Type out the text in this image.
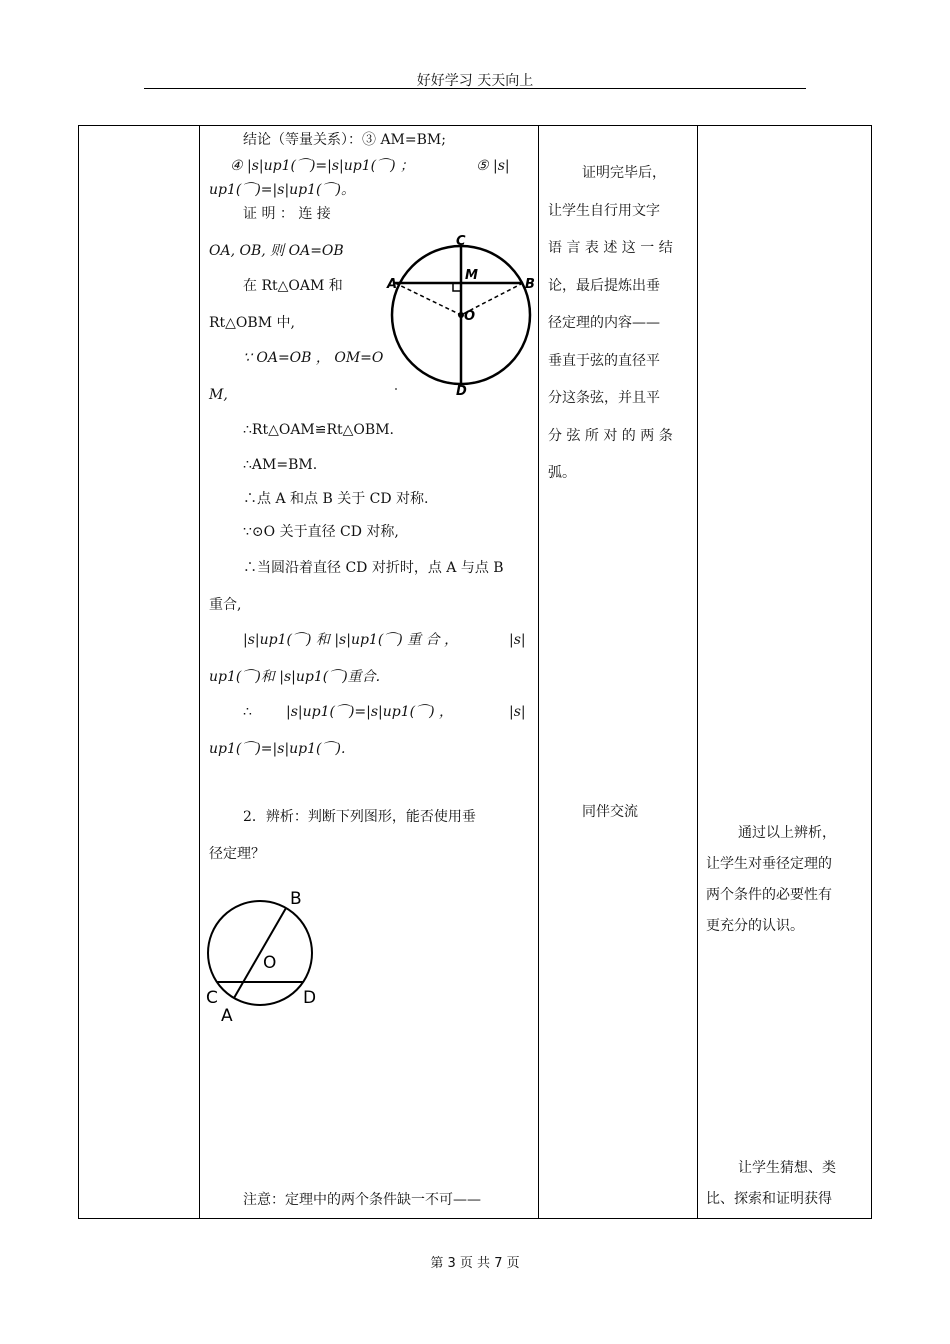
好好学习 天天向上
结论（等量关系）：③ AM=BM;
④ |s|up1(⌒)=|s|up1(⌒) ；	⑤ |s|
up1(⌒)=|s|up1(⌒)。
证 明 ： 连 接
OA, OB, 则 OA=OB
在 Rt△OAM 和
Rt△OBM 中,
∵ OA=OB ， OM=O
M,
∴Rt△OAM≌Rt△OBM.
∴AM=BM.
∴点 A 和点 B 关于 CD 对称.
∵⊙O 关于直径 CD 对称,
∴当圆沿着直径 CD 对折时，点 A 与点 B
重合,
|s|up1(⌒) 和 |s|up1(⌒) 重 合 ，	|s|
up1(⌒)和 |s|up1(⌒)重合.
∴ |s|up1(⌒)=|s|up1(⌒) ，	|s|
up1(⌒)=|s|up1(⌒).
2．辨析：判断下列图形，能否使用垂
径定理？
注意：定理中的两个条件缺一不可——
C
M
A	B
O
D
B
O
C	D
A
证明完毕后，
让学生自行用文字
语 言 表 述 这 一 结
论，最后提炼出垂
径定理的内容——
垂直于弦的直径平
分这条弦，并且平
分 弦 所 对 的 两 条
弧。
同伴交流
通过以上辨析，
让学生对垂径定理的
两个条件的必要性有
更充分的认识。
让学生猜想、类
比、探索和证明获得
第 3 页 共 7 页
